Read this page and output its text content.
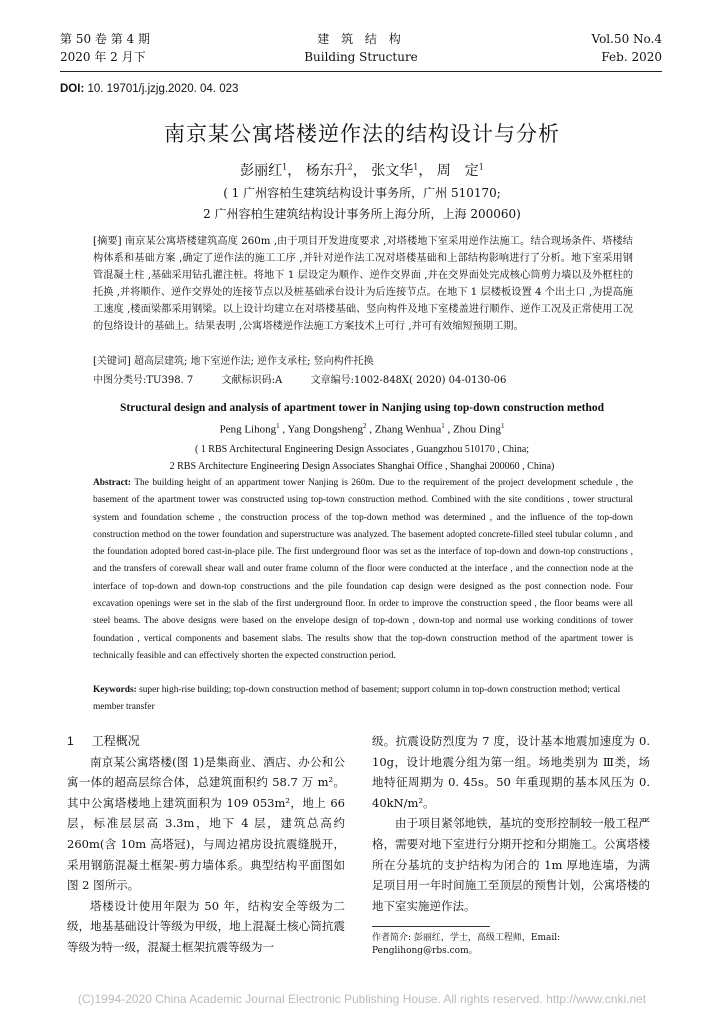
第 50 卷 第 4 期
2020 年 2 月下
建 筑 结 构
Building Structure
Vol.50 No.4
Feb. 2020
DOI: 10. 19701/j.jzjg.2020. 04. 023
南京某公寓塔楼逆作法的结构设计与分析
彭丽红$^1$， 杨东升$^2$， 张文华$^1$， 周　定$^1$
( 1 广州容柏生建筑结构设计事务所，广州 510170;
2 广州容柏生建筑结构设计事务所上海分所，上海 200060)
[摘要] 南京某公寓塔楼建筑高度 260m ,由于项目开发进度要求 ,对塔楼地下室采用逆作法施工。结合现场条件、塔楼结构体系和基础方案 ,确定了逆作法的施工工序 ,并针对逆作法工况对塔楼基础和上部结构影响进行了分析。地下室采用钢管混凝土柱 ,基础采用钻孔灌注桩。将地下 1 层设定为顺作、逆作交界面 ,并在交界面处完成核心筒剪力墙以及外框柱的托换 ,并将顺作、逆作交界处的连接节点以及桩基础承台设计为后连接节点。在地下 1 层楼板设置 4 个出土口 ,为提高施工速度 ,楼面梁都采用钢梁。以上设计均建立在对塔楼基础、竖向构件及地下室楼盖进行顺作、逆作工况及正常使用工况的包络设计的基础上。结果表明 ,公寓塔楼逆作法施工方案技术上可行 ,并可有效缩短预期工期。
[关键词] 超高层建筑; 地下室逆作法; 逆作支承柱; 竖向构件托换
中图分类号:TU398. 7	文献标识码:A	文章编号:1002-848X( 2020) 04-0130-06
Structural design and analysis of apartment tower in Nanjing using top-down construction method
Peng Lihong$^1$ , Yang Dongsheng$^2$ , Zhang Wenhua$^1$ , Zhou Ding$^1$
( 1 RBS Architectural Engineering Design Associates , Guangzhou 510170 , China;
2 RBS Architecture Engineering Design Associates Shanghai Office , Shanghai 200060 , China)
Abstract: The building height of an appartment tower Nanjing is 260m. Due to the requirement of the project development schedule , the basement of the apartment tower was constructed using top-town construction method. Combined with the site conditions , tower structural system and foundation scheme , the construction process of the top-down method was determined , and the influence of the top-down construction method on the tower foundation and superstructure was analyzed. The basement adopted concrete-filled steel tubular column , and the foundation adopted bored cast-in-place pile. The first underground floor was set as the interface of top-down and down-top constructions , and the transfers of corewall shear wall and outer frame column of the floor were conducted at the interface , and the connection node at the interface of top-down and down-top constructions and the pile foundation cap design were designed as the post connection node. Four excavation openings were set in the slab of the first underground floor. In order to improve the construction speed , the floor beams were all steel beams. The above designs were based on the envelope design of top-down , down-top and normal use working conditions of tower foundation , vertical components and basement slabs. The results show that the top-down construction method of the apartment tower is technically feasible and can effectively shorten the expected construction period.
Keywords: super high-rise building; top-down construction method of basement; support column in top-down construction method; vertical member transfer
1 工程概况

南京某公寓塔楼(图 1)是集商业、酒店、办公和公寓一体的超高层综合体，总建筑面积约 58.7 万 m²。其中公寓塔楼地上建筑面积为 109 053m²，地上 66 层，标准层层高 3.3m，地下 4 层，建筑总高约 260m(含 10m 高塔冠)，与周边裙房设抗震缝脱开，采用钢筋混凝土框架-剪力墙体系。典型结构平面图如图 2 图所示。

塔楼设计使用年限为 50 年，结构安全等级为二级，地基基础设计等级为甲级，地上混凝土核心筒抗震等级为特一级，混凝土框架抗震等级为一

级。抗震设防烈度为 7 度，设计基本地震加速度为 0. 10g，设计地震分组为第一组。场地类别为 Ⅲ类，场地特征周期为 0. 45s。50 年重现期的基本风压为 0. 40kN/m²。

由于项目紧邻地铁，基坑的变形控制较一般工程严格，需要对地下室进行分期开挖和分期施工。公寓塔楼所在分基坑的支护结构为闭合的 1m 厚地连墙，为满足项目用一年时间施工至顶层的预售计划，公寓塔楼的地下室实施逆作法。

作者简介: 彭丽红，学士，高级工程师，Email: Penglihong@rbs.com。
(C)1994-2020 China Academic Journal Electronic Publishing House. All rights reserved. http://www.cnki.net
